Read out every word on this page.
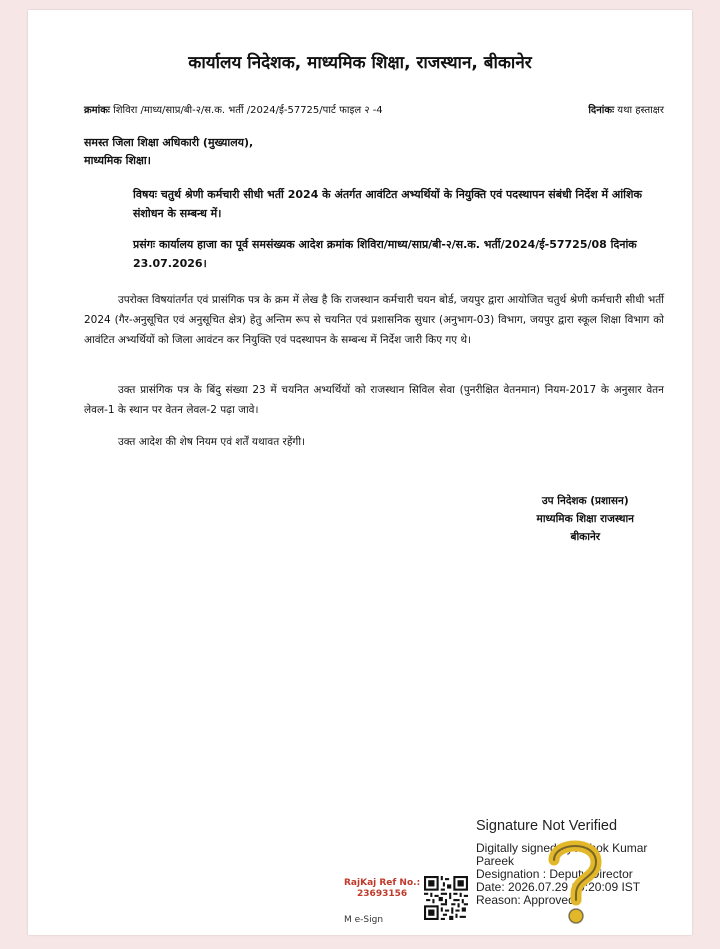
कार्यालय निदेशक, माध्यमिक शिक्षा, राजस्थान, बीकानेर
क्रमांकः शिविरा /माध्य/साप्र/बी-२/स.क. भर्ती /2024/ई-57725/पार्ट फाइल २ -4	दिनांकः यथा हस्ताक्षर
समस्त जिला शिक्षा अधिकारी (मुख्यालय),
माध्यमिक शिक्षा।
विषयः चतुर्थ श्रेणी कर्मचारी सीधी भर्ती 2024 के अंतर्गत आवंटित अभ्यर्थियों के नियुक्ति एवं पदस्थापन संबंधी निर्देश में आंशिक संशोधन के सम्बन्ध में।
प्रसंगः कार्यालय हाजा का पूर्व समसंख्यक आदेश क्रमांक शिविरा/माध्य/साप्र/बी-२/स.क. भर्ती/2024/ई-57725/08 दिनांक 23.07.2026।
उपरोक्त विषयांतर्गत एवं प्रासंगिक पत्र के क्रम में लेख है कि राजस्थान कर्मचारी चयन बोर्ड, जयपुर द्वारा आयोजित चतुर्थ श्रेणी कर्मचारी सीधी भर्ती 2024 (गैर-अनुसूचित एवं अनुसूचित क्षेत्र) हेतु अन्तिम रूप से चयनित एवं प्रशासनिक सुधार (अनुभाग-03) विभाग, जयपुर द्वारा स्कूल शिक्षा विभाग को आवंटित अभ्यर्थियों को जिला आवंटन कर नियुक्ति एवं पदस्थापन के सम्बन्ध में निर्देश जारी किए गए थे।
उक्त प्रासंगिक पत्र के बिंदु संख्या 23 में चयनित अभ्यर्थियों को राजस्थान सिविल सेवा (पुनरीक्षित वेतनमान) नियम-2017 के अनुसार वेतन लेवल-1 के स्थान पर वेतन लेवल-2 पढ़ा जावे।
उक्त आदेश की शेष नियम एवं शर्तें यथावत रहेंगी।
उप निदेशक (प्रशासन)
माध्यमिक शिक्षा राजस्थान
बीकानेर
RajKaj Ref No.:
23693156
M e-Sign
Signature Not Verified
Digitally signed by Ashok Kumar
Pareek
Designation : Deputy Director
Date: 2026.07.29 19:20:09 IST
Reason: Approved
